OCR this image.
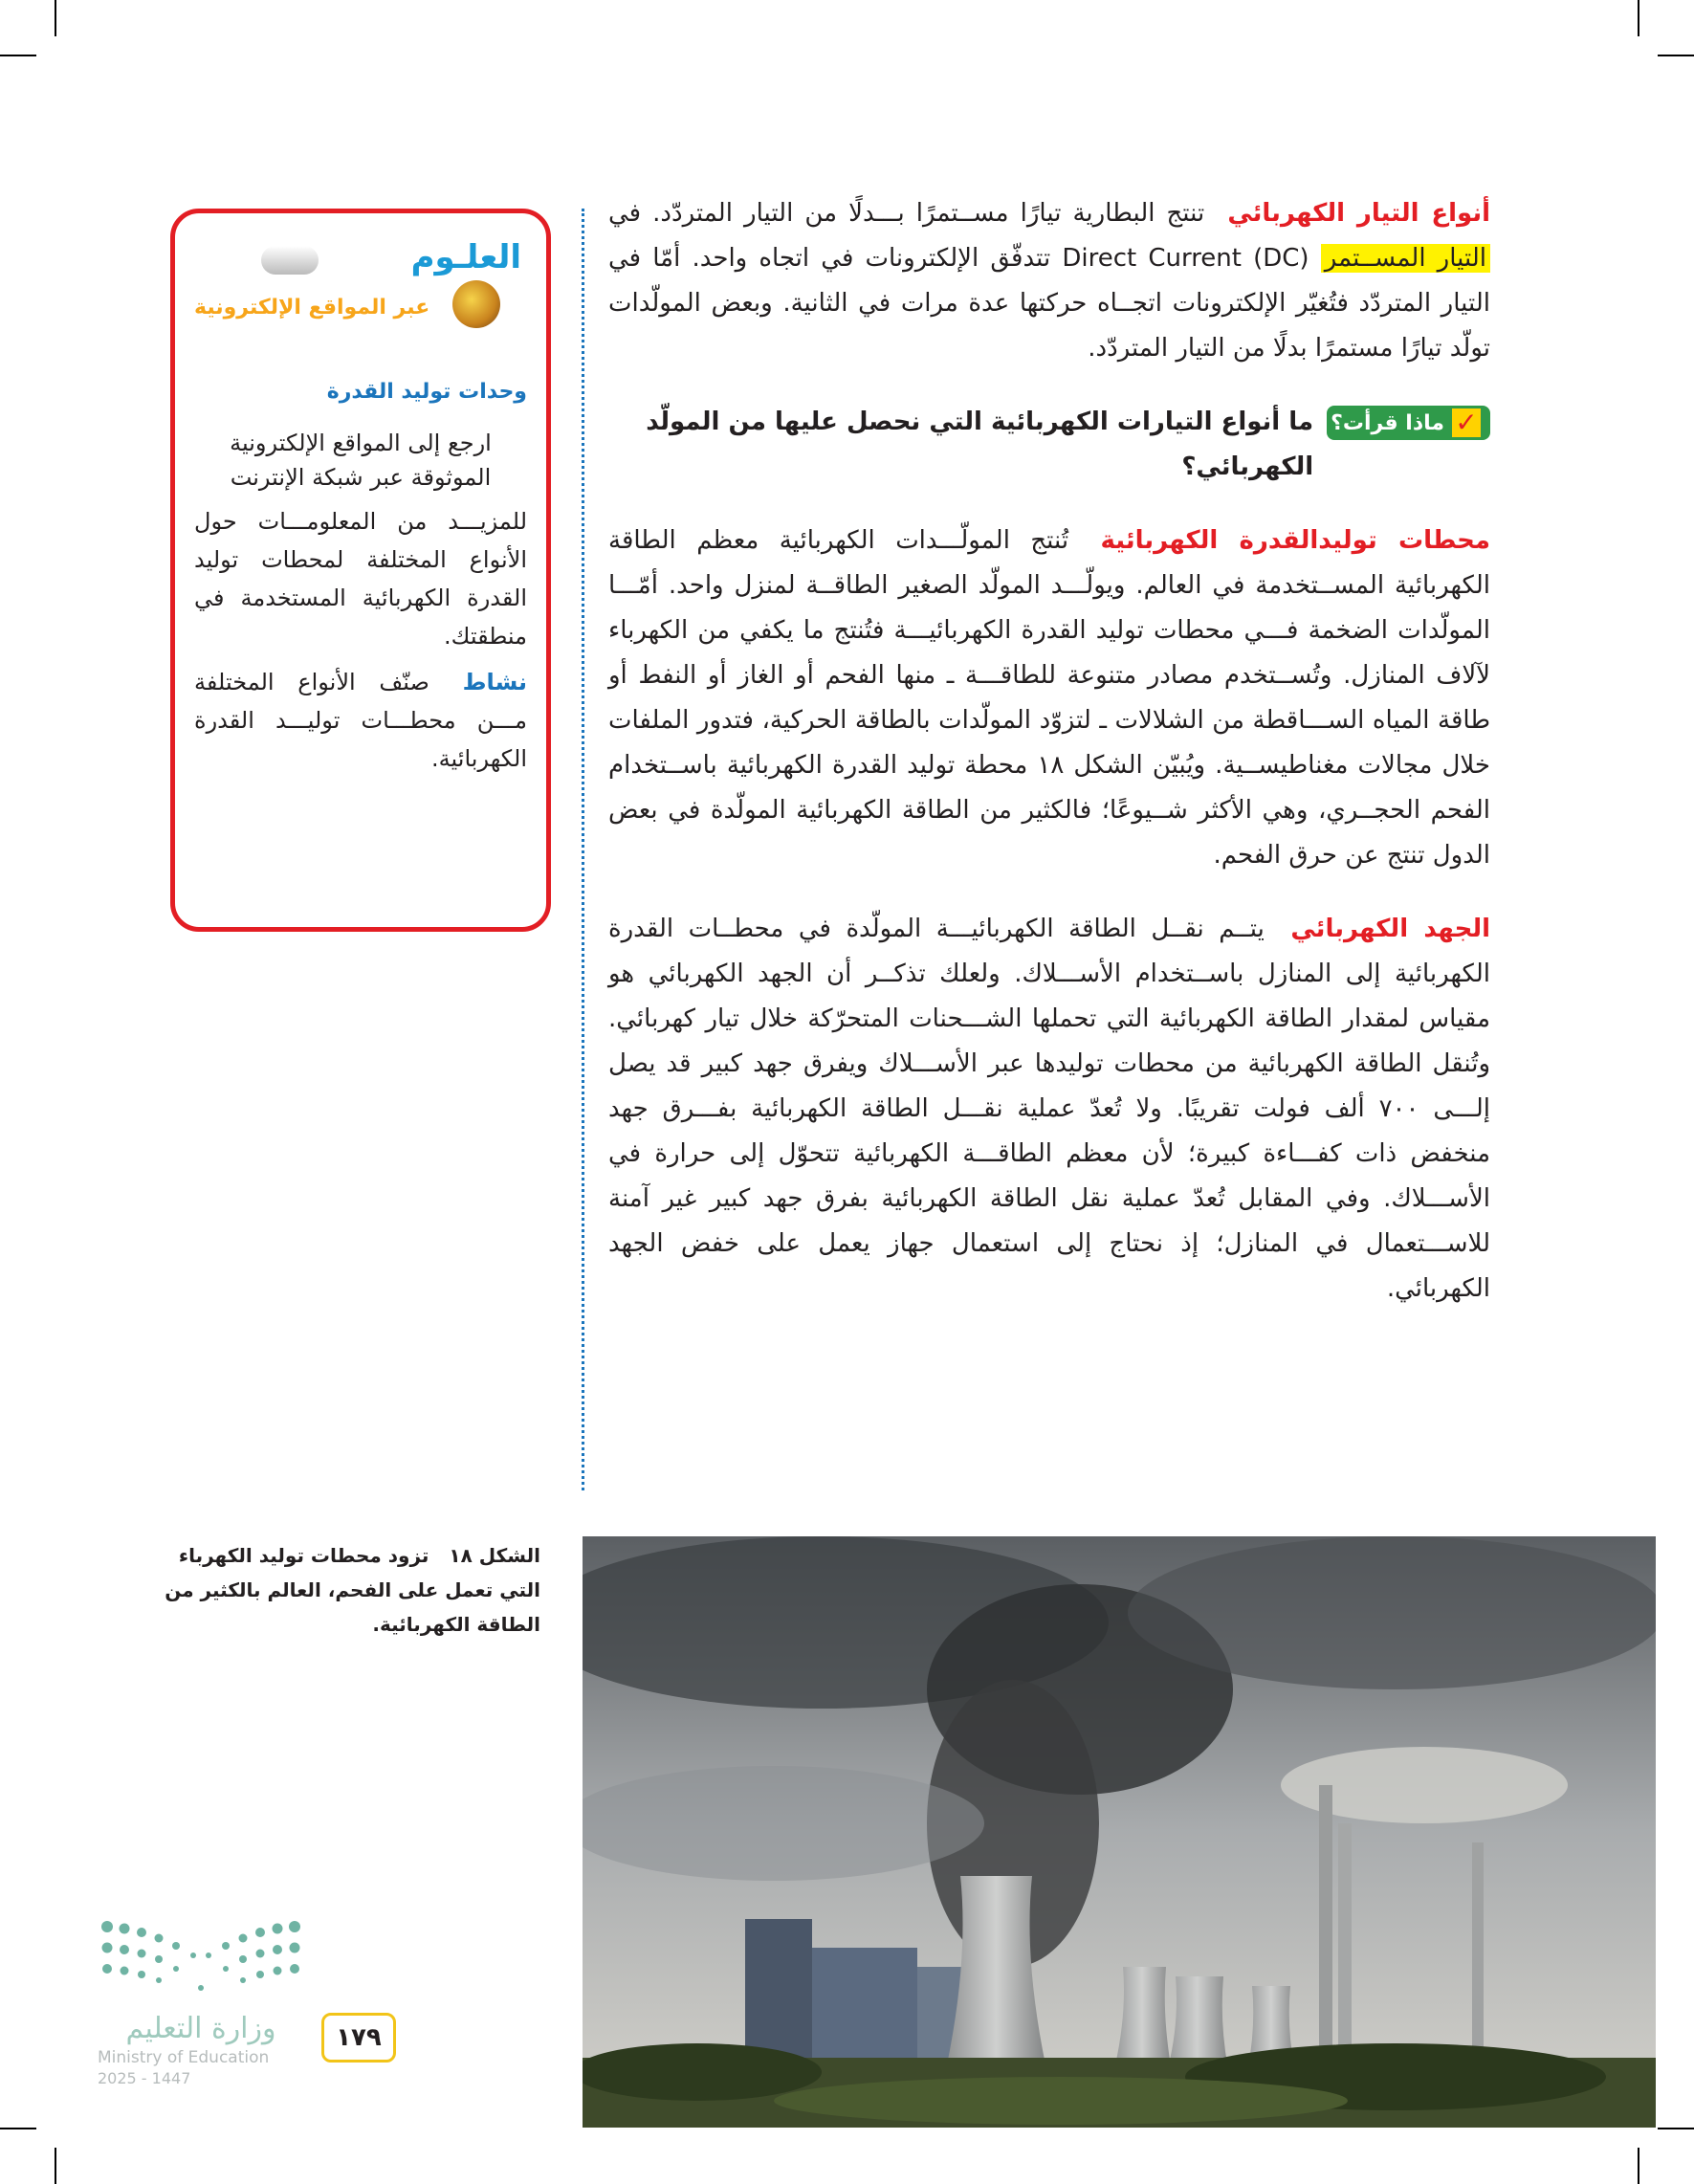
أنواع التيار الكهربائي تنتج البطارية تيارًا مســتمرًا بـــدلًا من التيار المتردّد. في التيار المســتمر Direct Current (DC) تتدفّق الإلكترونات في اتجاه واحد. أمّا في التيار المتردّد فتُغيّر الإلكترونات اتجــاه حركتها عدة مرات في الثانية. وبعض المولّدات تولّد تيارًا مستمرًا بدلًا من التيار المتردّد.
✓
ماذا قرأت؟
ما أنواع التيارات الكهربائية التي نحصل عليها من المولّد الكهربائي؟
محطات توليدالقدرة الكهربائية تُنتج المولّـــدات الكهربائية معظم الطاقة الكهربائية المســتخدمة في العالم. ويولّـــد المولّد الصغير الطاقــة لمنزل واحد. أمّـــا المولّدات الضخمة فـــي محطات توليد القدرة الكهربائيـــة فتُنتج ما يكفي من الكهرباء لآلاف المنازل. وتُســتخدم مصادر متنوعة للطاقـــة ـ منها الفحم أو الغاز أو النفط أو طاقة المياه الســـاقطة من الشلالات ـ لتزوّد المولّدات بالطاقة الحركية، فتدور الملفات خلال مجالات مغناطيســية. ويُبيّن الشكل ١٨ محطة توليد القدرة الكهربائية باســتخدام الفحم الحجــري، وهي الأكثر شــيوعًا؛ فالكثير من الطاقة الكهربائية المولّدة في بعض الدول تنتج عن حرق الفحم.
الجهد الكهربائي يتــم نقــل الطاقة الكهربائيـــة المولّدة في محطــات القدرة الكهربائية إلى المنازل باســتخدام الأســـلاك. ولعلك تذكــر أن الجهد الكهربائي هو مقياس لمقدار الطاقة الكهربائية التي تحملها الشـــحنات المتحرّكة خلال تيار كهربائي. وتُنقل الطاقة الكهربائية من محطات توليدها عبر الأســـلاك ويفرق جهد كبير قد يصل إلـــى ٧٠٠ ألف فولت تقريبًا. ولا تُعدّ عملية نقـــل الطاقة الكهربائية بفـــرق جهد منخفض ذات كفـــاءة كبيرة؛ لأن معظم الطاقـــة الكهربائية تتحوّل إلى حرارة في الأســـلاك. وفي المقابل تُعدّ عملية نقل الطاقة الكهربائية بفرق جهد كبير غير آمنة للاســـتعمال في المنازل؛ إذ نحتاج إلى استعمال جهاز يعمل على خفض الجهد الكهربائي.
العلـوم
عبر المواقع الإلكترونية
وحدات توليد القدرة
ارجع إلى المواقع الإلكترونية
الموثوقة عبر شبكة الإنترنت
للمزيـــد من المعلومـــات حول الأنواع المختلفة لمحطات توليد القدرة الكهربائية المستخدمة في منطقتك.
نشاط صنّف الأنواع المختلفة مـــن محطـــات توليـــد القدرة الكهربائية.
الشكل ١٨ تزود محطات توليد الكهرباء التي تعمل على الفحم، العالم بالكثير من الطاقة الكهربائية.
وزارة التعليم
Ministry of Education
2025 - 1447
١٧٩
